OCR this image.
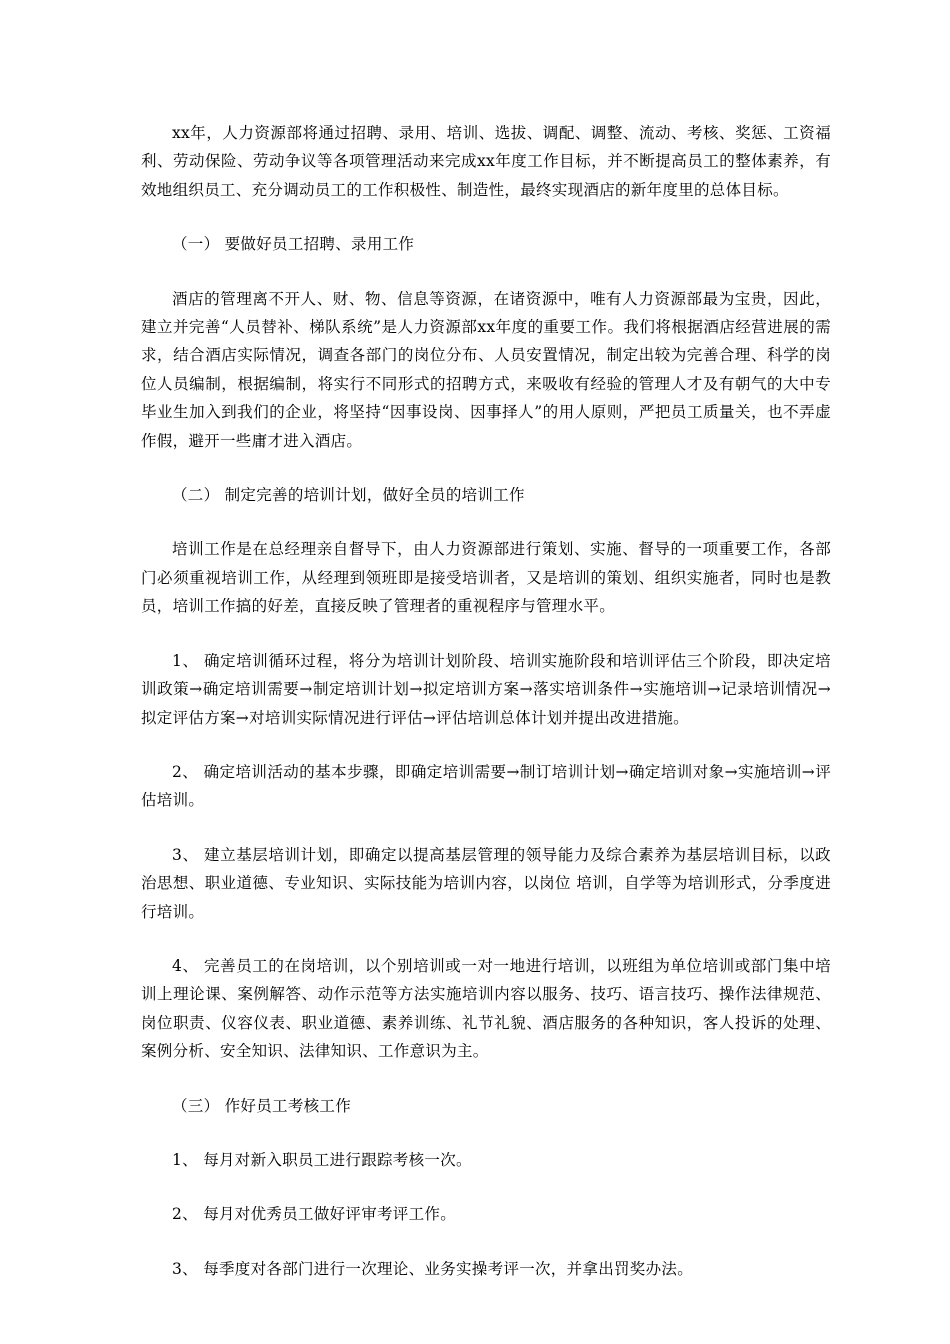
xx年，人力资源部将通过招聘、录用、培训、选拔、调配、调整、流动、考核、奖惩、工资福利、劳动保险、劳动争议等各项管理活动来完成xx年度工作目标，并不断提高员工的整体素养，有效地组织员工、充分调动员工的工作积极性、制造性，最终实现酒店的新年度里的总体目标。

（一） 要做好员工招聘、录用工作

酒店的管理离不开人、财、物、信息等资源，在诸资源中，唯有人力资源部最为宝贵，因此，建立并完善“人员替补、梯队系统”是人力资源部xx年度的重要工作。我们将根据酒店经营进展的需求，结合酒店实际情况，调查各部门的岗位分布、人员安置情况，制定出较为完善合理、科学的岗位人员编制，根据编制，将实行不同形式的招聘方式，来吸收有经验的管理人才及有朝气的大中专毕业生加入到我们的企业，将坚持“因事设岗、因事择人”的用人原则，严把员工质量关，也不弄虚作假，避开一些庸才进入酒店。

（二） 制定完善的培训计划，做好全员的培训工作

培训工作是在总经理亲自督导下，由人力资源部进行策划、实施、督导的一项重要工作，各部门必须重视培训工作，从经理到领班即是接受培训者，又是培训的策划、组织实施者，同时也是教员，培训工作搞的好差，直接反映了管理者的重视程序与管理水平。

1、 确定培训循环过程，将分为培训计划阶段、培训实施阶段和培训评估三个阶段，即决定培训政策→确定培训需要→制定培训计划→拟定培训方案→落实培训条件→实施培训→记录培训情况→拟定评估方案→对培训实际情况进行评估→评估培训总体计划并提出改进措施。

2、 确定培训活动的基本步骤，即确定培训需要→制订培训计划→确定培训对象→实施培训→评估培训。

3、 建立基层培训计划，即确定以提高基层管理的领导能力及综合素养为基层培训目标，以政治思想、职业道德、专业知识、实际技能为培训内容，以岗位 培训，自学等为培训形式，分季度进行培训。

4、 完善员工的在岗培训，以个别培训或一对一地进行培训，以班组为单位培训或部门集中培训上理论课、案例解答、动作示范等方法实施培训内容以服务、技巧、语言技巧、操作法律规范、岗位职责、仪容仪表、职业道德、素养训练、礼节礼貌、酒店服务的各种知识，客人投诉的处理、案例分析、安全知识、法律知识、工作意识为主。

（三） 作好员工考核工作

1、 每月对新入职员工进行跟踪考核一次。

2、 每月对优秀员工做好评审考评工作。

3、 每季度对各部门进行一次理论、业务实操考评一次，并拿出罚奖办法。
